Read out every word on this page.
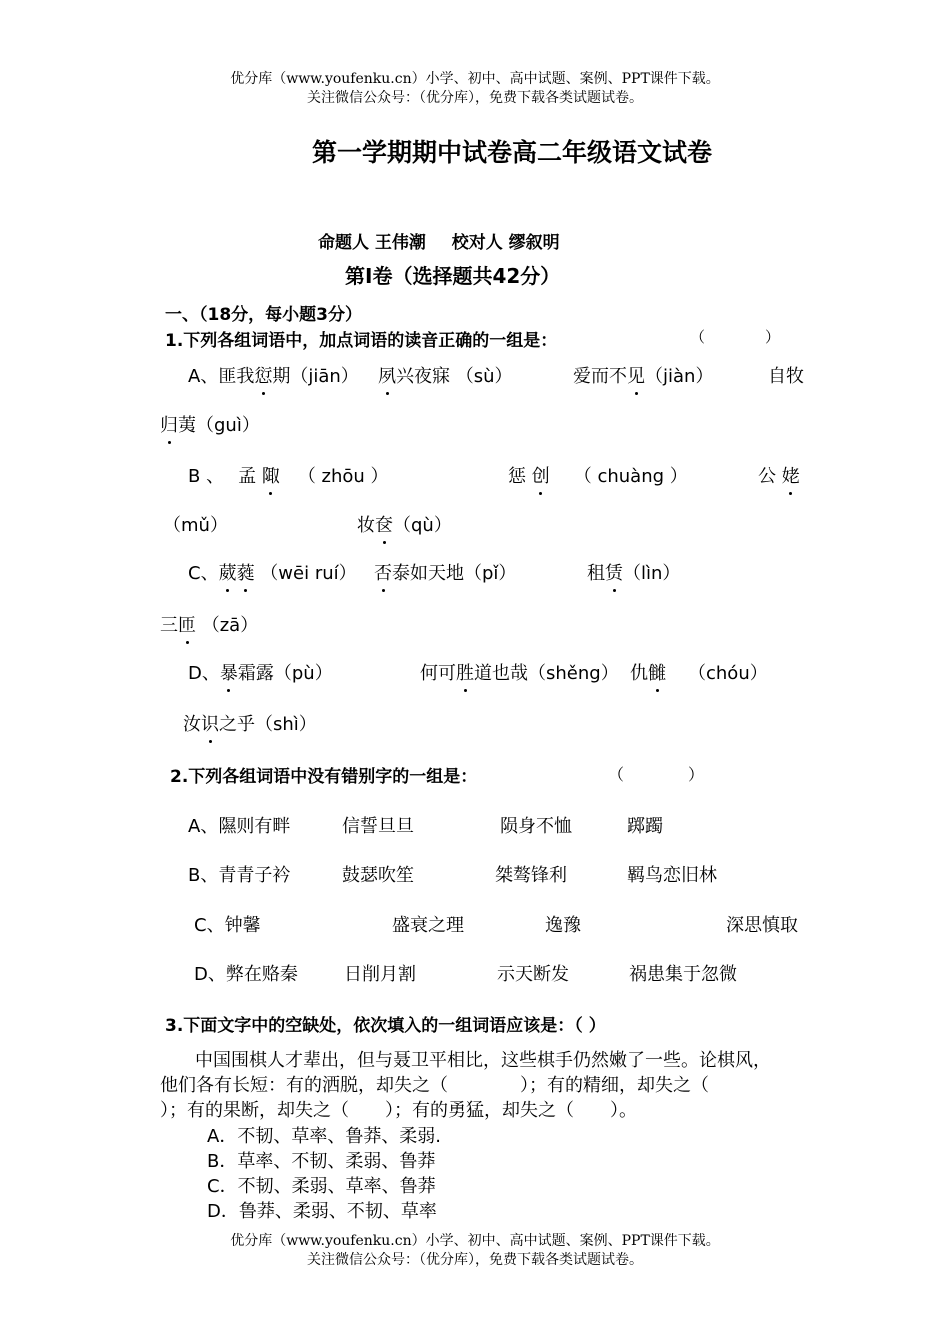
优分库（www.youfenku.cn）小学、初中、高中试题、案例、PPT课件下载。
关注微信公众号：（优分库），免费下载各类试题试卷。
第一学期期中试卷高二年级语文试卷
命题人 王伟潮 校对人 缪叙明
第Ⅰ卷（选择题共42分）
一、（18分，每小题3分）
1.下列各组词语中，加点词语的读音正确的一组是：	（　　　　）
A、匪我愆期（jiān） 夙兴夜寐 （sù）	爱而不见（jiàn）	自牧
归荑（guì）
B 、 孟 陬 （ zhōu ）	惩 创 （ chuàng ）	公 姥
（mǔ）	妆奁（qù）
C、葳蕤 （wēi ruí） 否泰如天地（pǐ）	租赁（lìn）
三匝 （zā）
D、暴霜露（pù）	何可胜道也哉（shěng） 仇雠 （chóu）
汝识之乎（shì）
2.下列各组词语中没有错别字的一组是：	（　　　　）
A、隰则有畔	信誓旦旦	陨身不恤	踯躅
B、青青子衿	鼓瑟吹笙	桀骜锋利	羁鸟恋旧林
C、钟馨	盛衰之理	逸豫	深思慎取
D、弊在赂秦	日削月割	示天断发	祸患集于忽微
3.下面文字中的空缺处，依次填入的一组词语应该是：（ ）
中国围棋人才辈出，但与聂卫平相比，这些棋手仍然嫩了一些。论棋风，
他们各有长短：有的洒脱，却失之（　　　　）；有的精细，却失之（
）；有的果断，却失之（　　）；有的勇猛，却失之（　　）。
A．不韧、草率、鲁莽、柔弱.
B．草率、不韧、柔弱、鲁莽
C．不韧、柔弱、草率、鲁莽
D．鲁莽、柔弱、不韧、草率
优分库（www.youfenku.cn）小学、初中、高中试题、案例、PPT课件下载。
关注微信公众号：（优分库），免费下载各类试题试卷。
